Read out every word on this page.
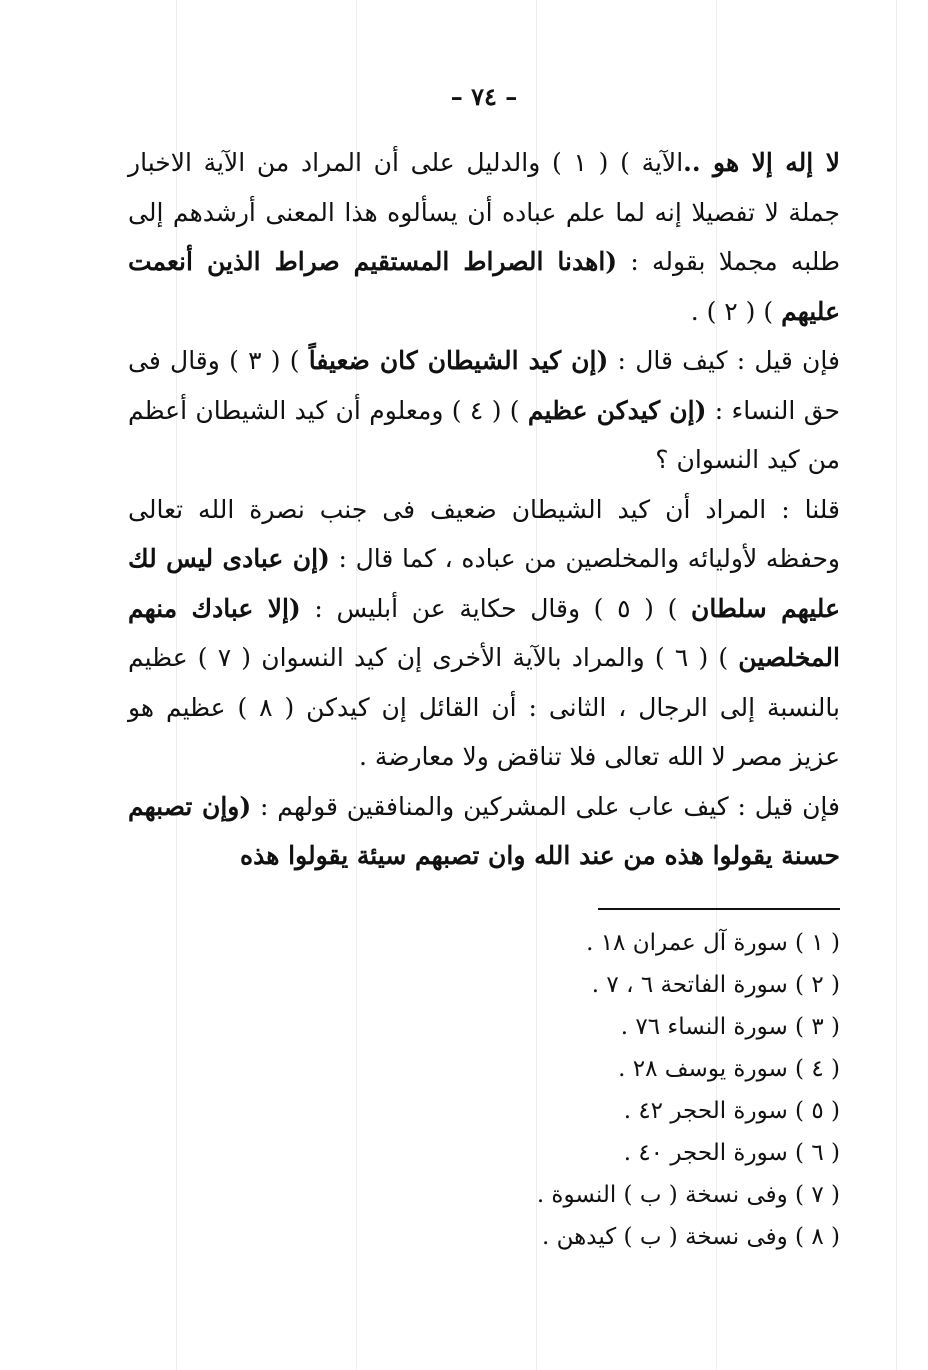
– ٧٤ –

لا إله إلا هو ..الآية ) ( ١ ) والدليل على أن المراد من الآية الاخبار جملة لا تفصيلا إنه لما علم عباده أن يسألوه هذا المعنى أرشدهم إلى طلبه مجملا بقوله : (اهدنا الصراط المستقيم صراط الذين أنعمت عليهم ) ( ٢ ) .

فإن قيل : كيف قال : (إن كيد الشيطان كان ضعيفاً ) ( ٣ ) وقال فى حق النساء : (إن كيدكن عظيم ) ( ٤ ) ومعلوم أن كيد الشيطان أعظم من كيد النسوان ؟

قلنا : المراد أن كيد الشيطان ضعيف فى جنب نصرة الله تعالى وحفظه لأوليائه والمخلصين من عباده ، كما قال : (إن عبادى ليس لك عليهم سلطان ) ( ٥ ) وقال حكاية عن أبليس : (إلا عبادك منهم المخلصين ) ( ٦ ) والمراد بالآية الأخرى إن كيد النسوان ( ٧ ) عظيم بالنسبة إلى الرجال ، الثانى : أن القائل إن كيدكن ( ٨ ) عظيم هو عزيز مصر لا الله تعالى فلا تناقض ولا معارضة .

فإن قيل : كيف عاب على المشركين والمنافقين قولهم : (وإن تصبهم حسنة يقولوا هذه من عند الله وان تصبهم سيئة يقولوا هذه

( ١ ) سورة آل عمران ١٨ .
( ٢ ) سورة الفاتحة ٦ ، ٧ .
( ٣ ) سورة النساء ٧٦ .
( ٤ ) سورة يوسف ٢٨ .
( ٥ ) سورة الحجر ٤٢ .
( ٦ ) سورة الحجر ٤٠ .
( ٧ ) وفى نسخة ( ب ) النسوة .
( ٨ ) وفى نسخة ( ب ) كيدهن .
